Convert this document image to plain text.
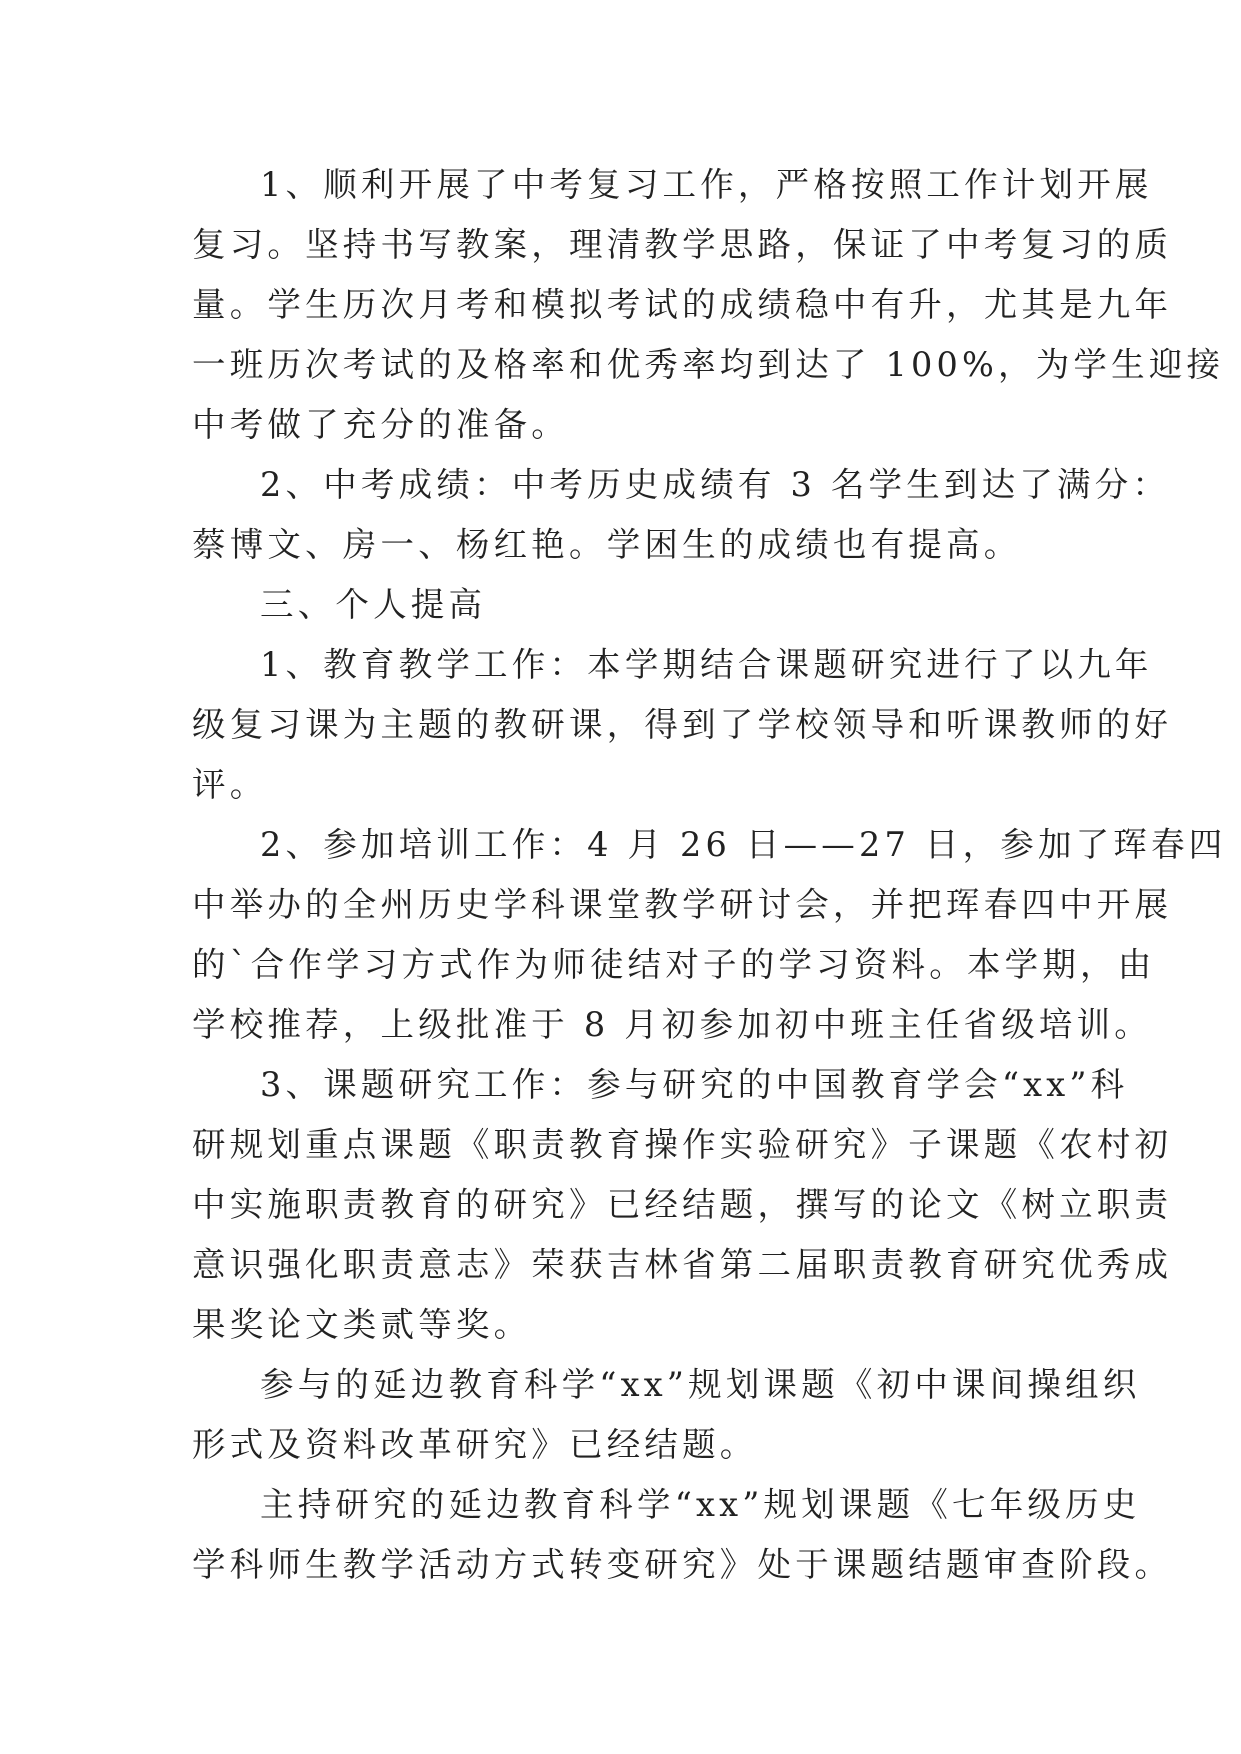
1、顺利开展了中考复习工作，严格按照工作计划开展
复习。坚持书写教案，理清教学思路，保证了中考复习的质
量。学生历次月考和模拟考试的成绩稳中有升，尤其是九年
一班历次考试的及格率和优秀率均到达了 100%，为学生迎接
中考做了充分的准备。
2、中考成绩：中考历史成绩有 3 名学生到达了满分：
蔡博文、房一、杨红艳。学困生的成绩也有提高。
三、个人提高
1、教育教学工作：本学期结合课题研究进行了以九年
级复习课为主题的教研课，得到了学校领导和听课教师的好
评。
2、参加培训工作：4 月 26 日——27 日，参加了珲春四
中举办的全州历史学科课堂教学研讨会，并把珲春四中开展
的`合作学习方式作为师徒结对子的学习资料。本学期，由
学校推荐，上级批准于 8 月初参加初中班主任省级培训。
3、课题研究工作：参与研究的中国教育学会“xx”科
研规划重点课题《职责教育操作实验研究》子课题《农村初
中实施职责教育的研究》已经结题，撰写的论文《树立职责
意识强化职责意志》荣获吉林省第二届职责教育研究优秀成
果奖论文类贰等奖。
参与的延边教育科学“xx”规划课题《初中课间操组织
形式及资料改革研究》已经结题。
主持研究的延边教育科学“xx”规划课题《七年级历史
学科师生教学活动方式转变研究》处于课题结题审查阶段。
